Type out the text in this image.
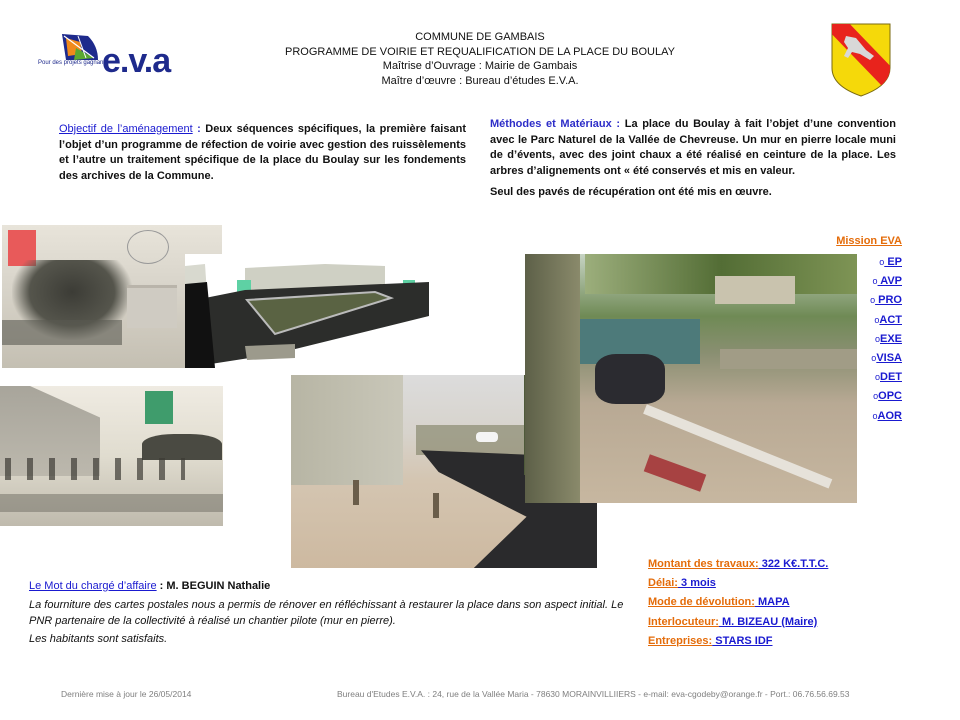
Pour des projets gagnants
e.v.a
COMMUNE DE GAMBAIS
PROGRAMME DE VOIRIE ET REQUALIFICATION DE LA PLACE DU BOULAY
Maîtrise d’Ouvrage : Mairie de Gambais
Maître d’œuvre : Bureau d’études E.V.A.
Objectif de l’aménagement : Deux séquences spécifiques, la première faisant l’objet d’un programme de réfection de voirie avec gestion des ruissèlements et l’autre un traitement spécifique de la place du Boulay sur les fondements des archives de la Commune.

Méthodes et Matériaux : La place du Boulay à fait l’objet d’une convention avec le Parc Naturel de la Vallée de Chevreuse. Un mur en pierre locale muni de d’évents, avec des joint chaux a été réalisé en ceinture de la place. Les arbres d’alignements ont « été conservés et mis en valeur.

Seul des pavés de récupération ont été mis en œuvre.

Mission EVA
o EP
o AVP
o PRO
oACT
oEXE
oVISA
oDET
oOPC
oAOR
Le Mot du chargé d’affaire : M. BEGUIN Nathalie

La fourniture des cartes postales nous a permis de rénover en réfléchissant à restaurer la place dans son aspect initial. Le PNR partenaire de la collectivité à réalisé un chantier pilote (mur en pierre).

Les habitants sont satisfaits.

Montant des travaux: 322 K€.T.T.C.
Délai: 3 mois
Mode de dévolution: MAPA
Interlocuteur: M. BIZEAU (Maire)
Entreprises: STARS IDF
Dernière mise à jour le 26/05/2014	Bureau d'Etudes E.V.A. : 24, rue de la Vallée Maria - 78630 MORAINVILLIIERS - e-mail: eva-cgodeby@orange.fr - Port.: 06.76.56.69.53
